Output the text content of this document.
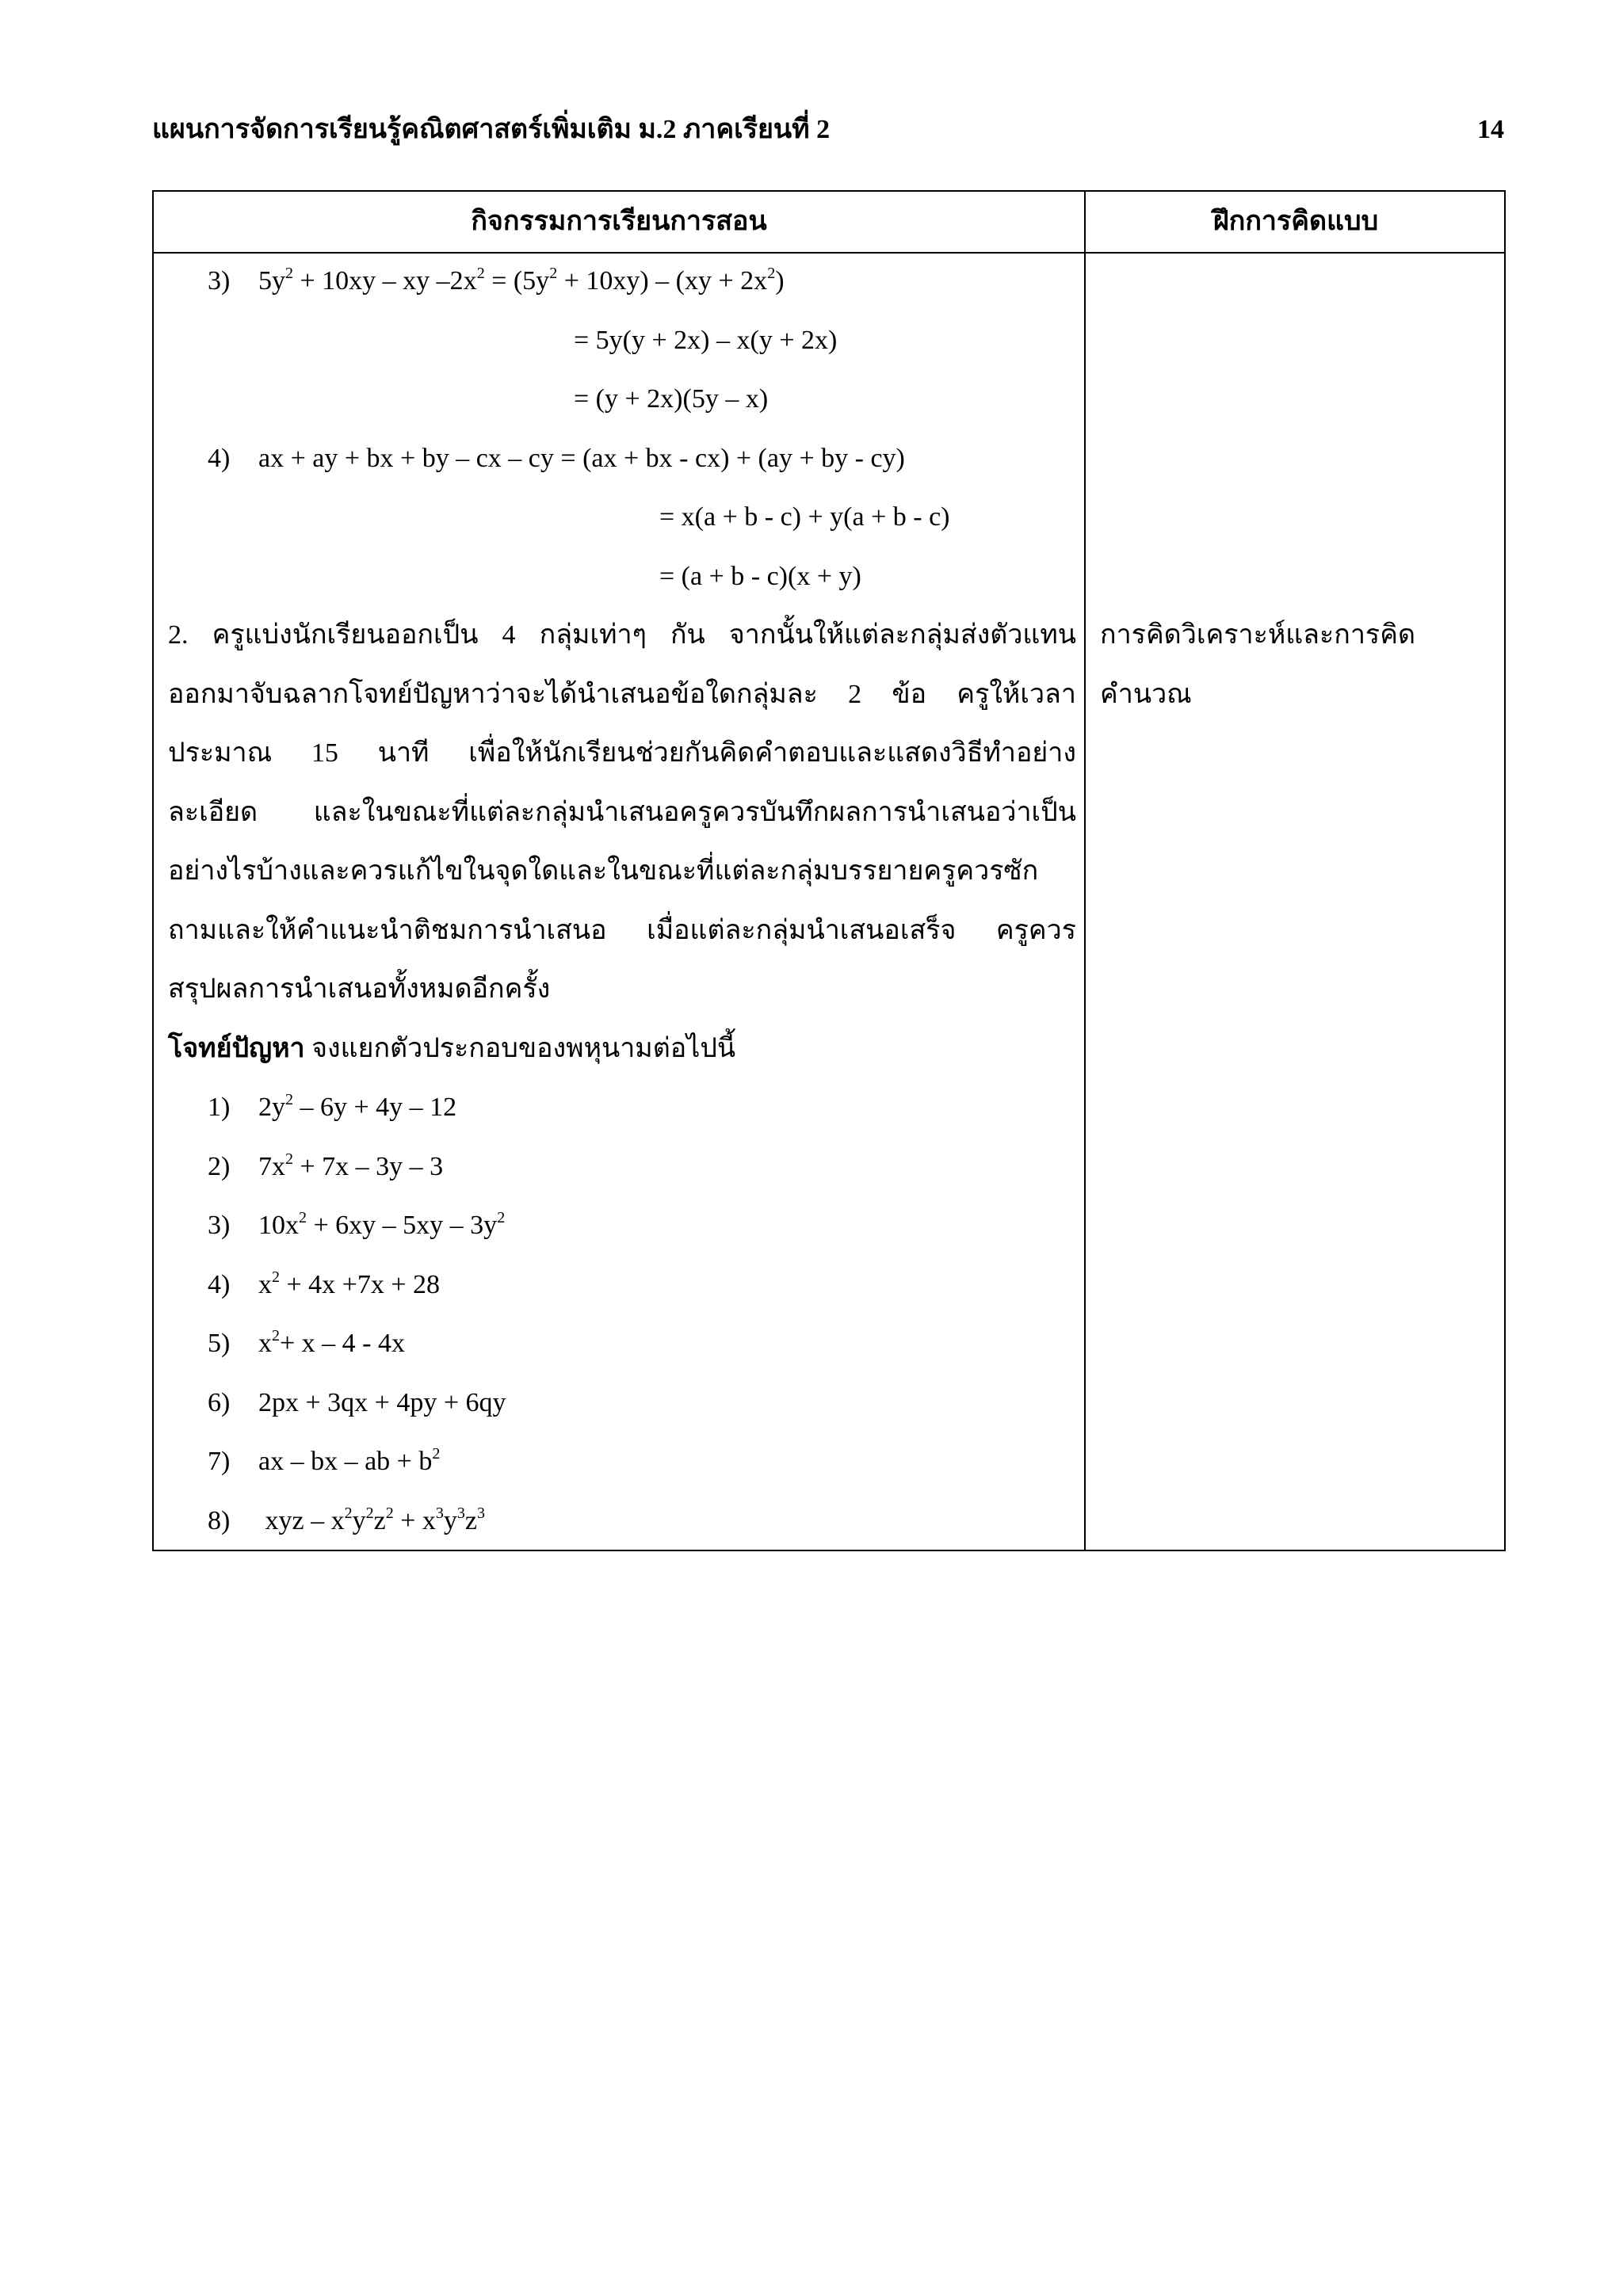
แผนการจัดการเรียนรู้คณิตศาสตร์เพิ่มเติม ม.2 ภาคเรียนที่ 2	14
กิจกรรมการเรียนการสอน	ฝึกการคิดแบบ
3) $5y^2 + 10xy$ – xy $-2x^2 = (5y^2 + 10xy) - (xy + 2x^2)$
= 5y(y + 2x) – x(y + 2x)
= (y + 2x)(5y – x)
4) ax + ay + bx + by – cx – cy = (ax + bx - cx) + (ay + by - cy)
= x(a + b - c) + y(a + b - c)
= (a + b - c)(x + y)
2. ครูแบ่งนักเรียนออกเป็น 4 กลุ่มเท่าๆ กัน จากนั้นให้แต่ละกลุ่มส่งตัวแทน
ออกมาจับฉลากโจทย์ปัญหาว่าจะได้นำเสนอข้อใดกลุ่มละ 2 ข้อ ครูให้เวลา
ประมาณ 15 นาที เพื่อให้นักเรียนช่วยกันคิดคำตอบและแสดงวิธีทำอย่าง
ละเอียด และในขณะที่แต่ละกลุ่มนำเสนอครูควรบันทึกผลการนำเสนอว่าเป็น
อย่างไรบ้างและควรแก้ไขในจุดใดและในขณะที่แต่ละกลุ่มบรรยายครูควรซัก
ถามและให้คำแนะนำติชมการนำเสนอ เมื่อแต่ละกลุ่มนำเสนอเสร็จ ครูควร
สรุปผลการนำเสนอทั้งหมดอีกครั้ง
โจทย์ปัญหา จงแยกตัวประกอบของพหุนามต่อไปนี้
1) $2y^2 - 6y + 4y - 12$
2) $7x^2 + 7x - 3y - 3$
3) $10x^2 + 6xy - 5xy - 3y^2$
4) $x^2 + 4x +7x + 28$
5) $x^2+ x - 4 - 4x$
6) 2px + 3qx + 4py + 6qy
7) ax – bx – ab + $b^2$
8) xyz – $x^2y^2z^2 + x^3y^3z^3$
การคิดวิเคราะห์และการคิด
คำนวณ
